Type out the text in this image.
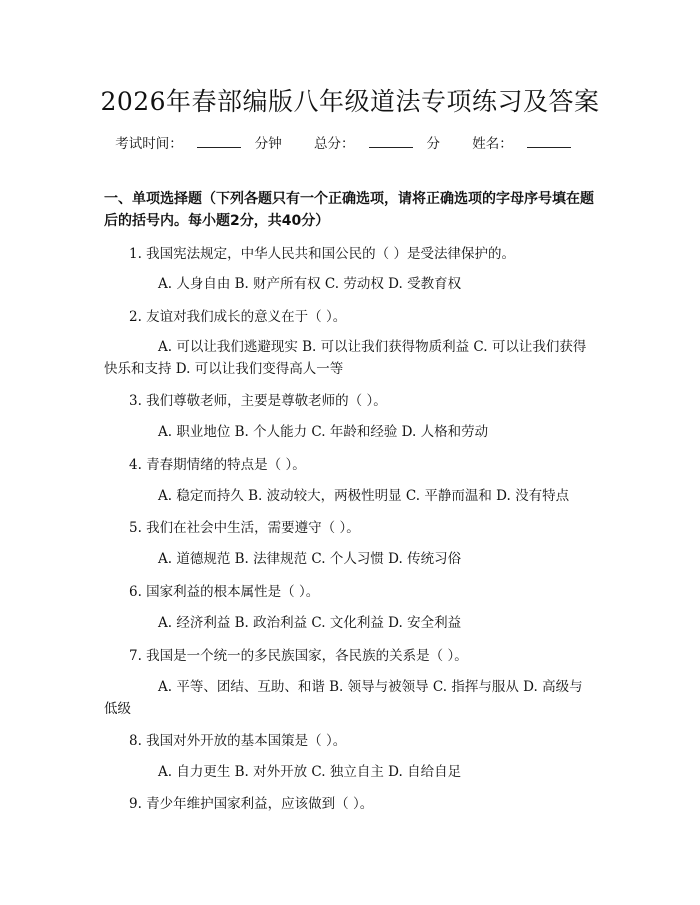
2026年春部编版八年级道法专项练习及答案
考试时间：	分钟 总分：	分 姓名：
一、单项选择题（下列各题只有一个正确选项，请将正确选项的字母序号填在题后的括号内。每小题2分，共40分）
1. 我国宪法规定，中华人民共和国公民的（ ）是受法律保护的。
A. 人身自由 B. 财产所有权 C. 劳动权 D. 受教育权
2. 友谊对我们成长的意义在于（ ）。
A. 可以让我们逃避现实 B. 可以让我们获得物质利益 C. 可以让我们获得快乐和支持 D. 可以让我们变得高人一等
3. 我们尊敬老师，主要是尊敬老师的（ ）。
A. 职业地位 B. 个人能力 C. 年龄和经验 D. 人格和劳动
4. 青春期情绪的特点是（ ）。
A. 稳定而持久 B. 波动较大，两极性明显 C. 平静而温和 D. 没有特点
5. 我们在社会中生活，需要遵守（ ）。
A. 道德规范 B. 法律规范 C. 个人习惯 D. 传统习俗
6. 国家利益的根本属性是（ ）。
A. 经济利益 B. 政治利益 C. 文化利益 D. 安全利益
7. 我国是一个统一的多民族国家，各民族的关系是（ ）。
A. 平等、团结、互助、和谐 B. 领导与被领导 C. 指挥与服从 D. 高级与低级
8. 我国对外开放的基本国策是（ ）。
A. 自力更生 B. 对外开放 C. 独立自主 D. 自给自足
9. 青少年维护国家利益，应该做到（ ）。
